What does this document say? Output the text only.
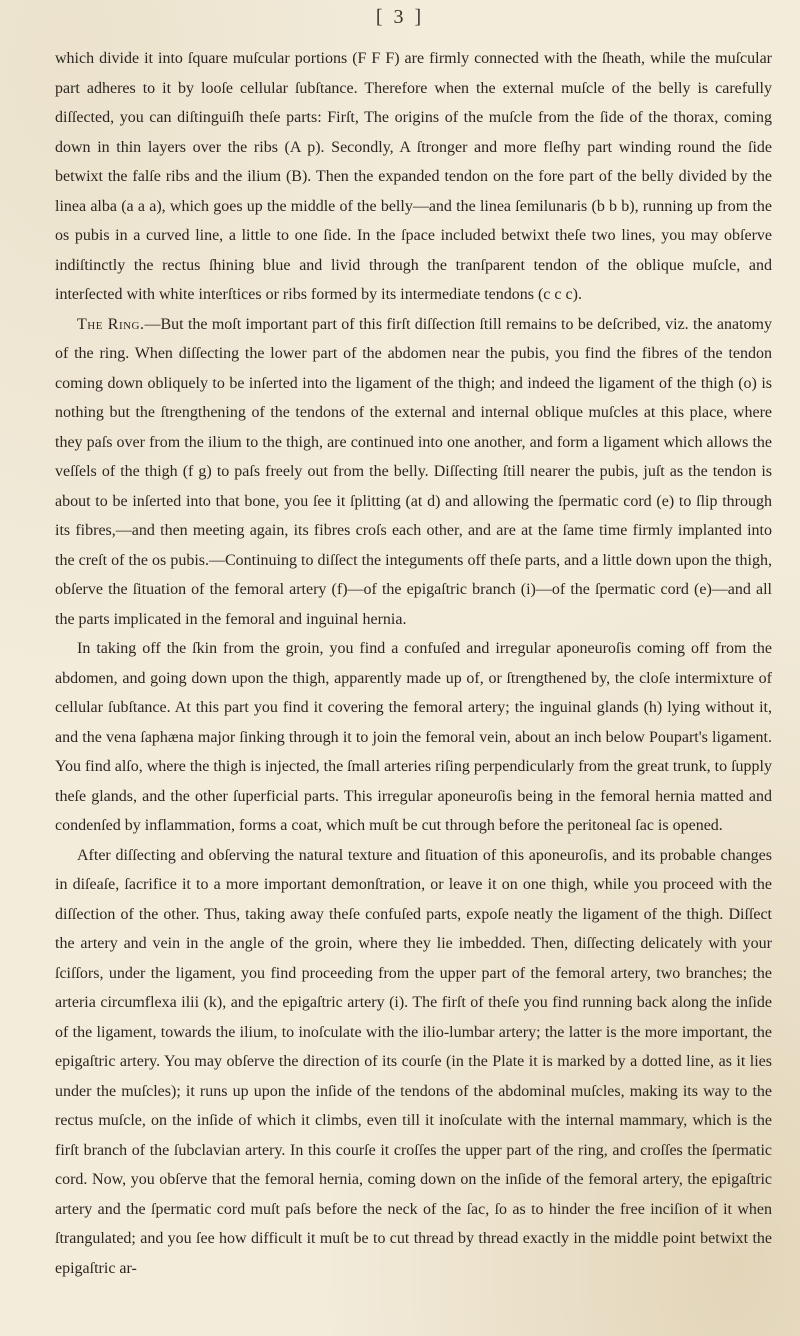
[ 3 ]

which divide it into ſquare muſcular portions (F F F) are firmly connected with the ſheath, while the muſcular part adheres to it by looſe cellular ſubſtance. Therefore when the external muſcle of the belly is carefully diſſected, you can diſtinguiſh theſe parts: Firſt, The origins of the muſcle from the ſide of the thorax, coming down in thin layers over the ribs (A p). Secondly, A ſtronger and more fleſhy part winding round the ſide betwixt the falſe ribs and the ilium (B). Then the expanded tendon on the fore part of the belly divided by the linea alba (a a a), which goes up the middle of the belly—and the linea ſemilunaris (b b b), running up from the os pubis in a curved line, a little to one ſide. In the ſpace included betwixt theſe two lines, you may obſerve indiſtinctly the rectus ſhining blue and livid through the tranſparent tendon of the oblique muſcle, and interſected with white interſtices or ribs formed by its intermediate tendons (c c c).

The Ring.—But the moſt important part of this firſt diſſection ſtill remains to be deſcribed, viz. the anatomy of the ring. When diſſecting the lower part of the abdomen near the pubis, you find the fibres of the tendon coming down obliquely to be inſerted into the ligament of the thigh; and indeed the ligament of the thigh (o) is nothing but the ſtrengthening of the tendons of the external and internal oblique muſcles at this place, where they paſs over from the ilium to the thigh, are continued into one another, and form a ligament which allows the veſſels of the thigh (f g) to paſs freely out from the belly. Diſſecting ſtill nearer the pubis, juſt as the tendon is about to be inſerted into that bone, you ſee it ſplitting (at d) and allowing the ſpermatic cord (e) to ſlip through its fibres,—and then meeting again, its fibres croſs each other, and are at the ſame time firmly implanted into the creſt of the os pubis.—Continuing to diſſect the integuments off theſe parts, and a little down upon the thigh, obſerve the ſituation of the femoral artery (f)—of the epigaſtric branch (i)—of the ſpermatic cord (e)—and all the parts implicated in the femoral and inguinal hernia.

In taking off the ſkin from the groin, you find a confuſed and irregular aponeuroſis coming off from the abdomen, and going down upon the thigh, apparently made up of, or ſtrengthened by, the cloſe intermixture of cellular ſubſtance. At this part you find it covering the femoral artery; the inguinal glands (h) lying without it, and the vena ſaphæna major ſinking through it to join the femoral vein, about an inch below Poupart's ligament. You find alſo, where the thigh is injected, the ſmall arteries riſing perpendicularly from the great trunk, to ſupply theſe glands, and the other ſuperficial parts. This irregular aponeuroſis being in the femoral hernia matted and condenſed by inflammation, forms a coat, which muſt be cut through before the peritoneal ſac is opened.

After diſſecting and obſerving the natural texture and ſituation of this aponeuroſis, and its probable changes in diſeaſe, ſacrifice it to a more important demonſtration, or leave it on one thigh, while you proceed with the diſſection of the other. Thus, taking away theſe confuſed parts, expoſe neatly the ligament of the thigh. Diſſect the artery and vein in the angle of the groin, where they lie imbedded. Then, diſſecting delicately with your ſciſſors, under the ligament, you find proceeding from the upper part of the femoral artery, two branches; the arteria circumflexa ilii (k), and the epigaſtric artery (i). The firſt of theſe you find running back along the inſide of the ligament, towards the ilium, to inoſculate with the ilio-lumbar artery; the latter is the more important, the epigaſtric artery. You may obſerve the direction of its courſe (in the Plate it is marked by a dotted line, as it lies under the muſcles); it runs up upon the inſide of the tendons of the abdominal muſcles, making its way to the rectus muſcle, on the inſide of which it climbs, even till it inoſculate with the internal mammary, which is the firſt branch of the ſubclavian artery. In this courſe it croſſes the upper part of the ring, and croſſes the ſpermatic cord. Now, you obſerve that the femoral hernia, coming down on the inſide of the femoral artery, the epigaſtric artery and the ſpermatic cord muſt paſs before the neck of the ſac, ſo as to hinder the free inciſion of it when ſtrangulated; and you ſee how difficult it muſt be to cut thread by thread exactly in the middle point betwixt the epigaſtric ar-
